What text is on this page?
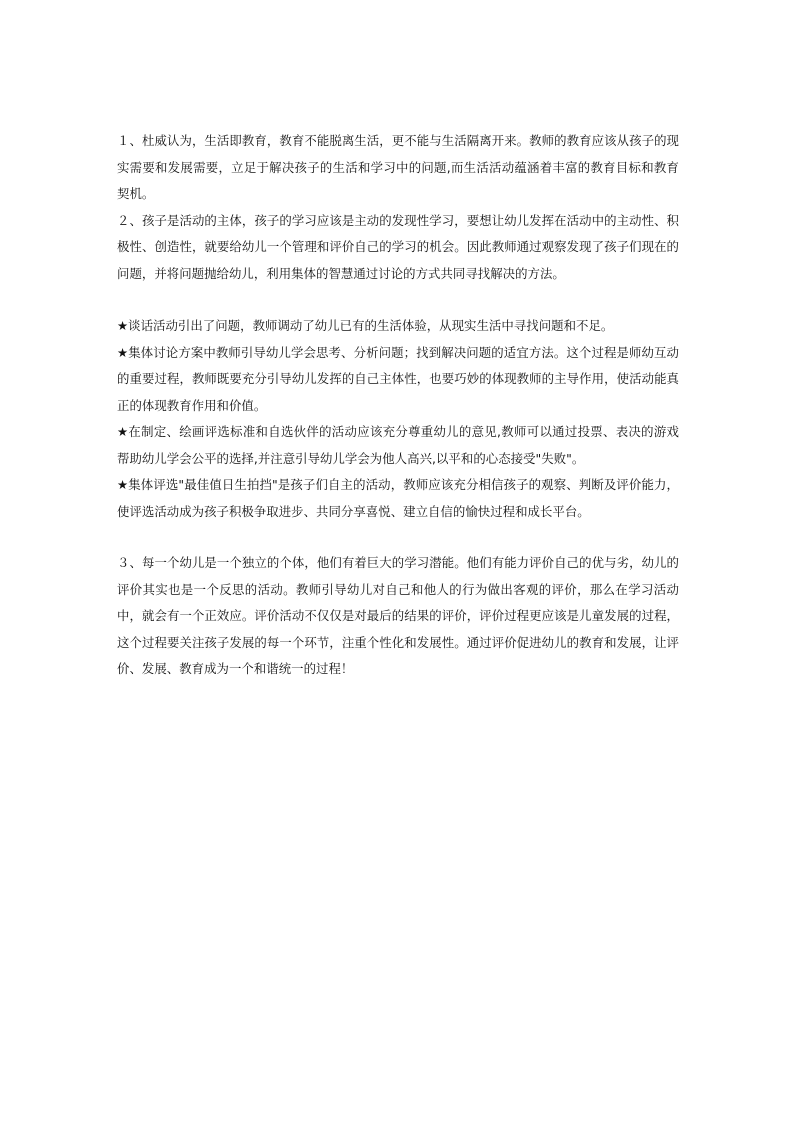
１、杜威认为，生活即教育，教育不能脱离生活，更不能与生活隔离开来。教师的教育应该从孩子的现实需要和发展需要，立足于解决孩子的生活和学习中的问题,而生活活动蕴涵着丰富的教育目标和教育契机。

２、孩子是活动的主体，孩子的学习应该是主动的发现性学习，要想让幼儿发挥在活动中的主动性、积极性、创造性，就要给幼儿一个管理和评价自己的学习的机会。因此教师通过观察发现了孩子们现在的问题，并将问题抛给幼儿，利用集体的智慧通过讨论的方式共同寻找解决的方法。

★谈话活动引出了问题，教师调动了幼儿已有的生活体验，从现实生活中寻找问题和不足。

★集体讨论方案中教师引导幼儿学会思考、分析问题；找到解决问题的适宜方法。这个过程是师幼互动的重要过程，教师既要充分引导幼儿发挥的自己主体性，也要巧妙的体现教师的主导作用，使活动能真正的体现教育作用和价值。

★在制定、绘画评选标准和自选伙伴的活动应该充分尊重幼儿的意见,教师可以通过投票、表决的游戏帮助幼儿学会公平的选择,并注意引导幼儿学会为他人高兴,以平和的心态接受"失败"。

★集体评选"最佳值日生拍挡"是孩子们自主的活动，教师应该充分相信孩子的观察、判断及评价能力，使评选活动成为孩子积极争取进步、共同分享喜悦、建立自信的愉快过程和成长平台。

３、每一个幼儿是一个独立的个体，他们有着巨大的学习潜能。他们有能力评价自己的优与劣，幼儿的评价其实也是一个反思的活动。教师引导幼儿对自己和他人的行为做出客观的评价，那么在学习活动中，就会有一个正效应。评价活动不仅仅是对最后的结果的评价，评价过程更应该是儿童发展的过程，这个过程要关注孩子发展的每一个环节，注重个性化和发展性。通过评价促进幼儿的教育和发展，让评价、发展、教育成为一个和谐统一的过程！
